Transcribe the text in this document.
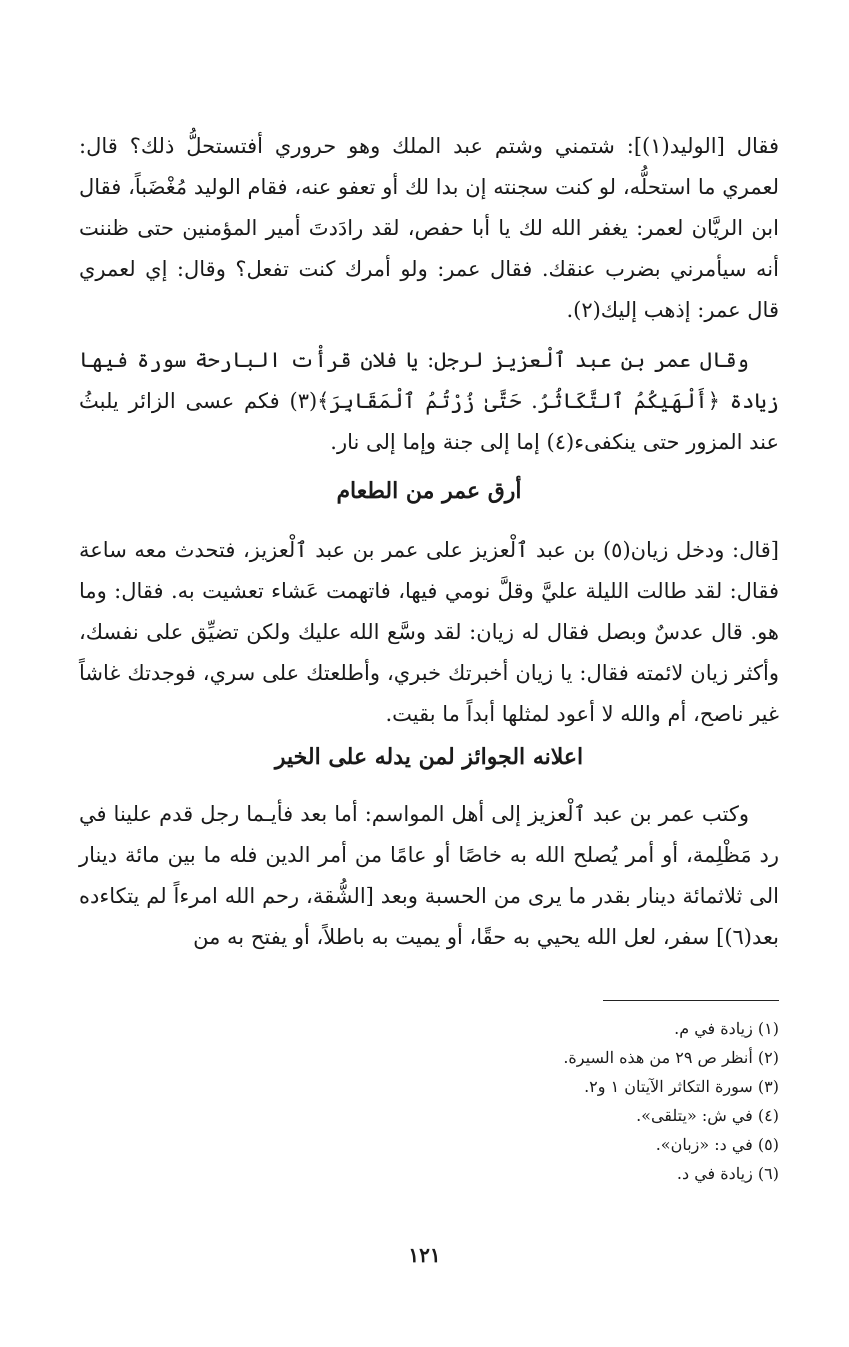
فقال [الوليد(١)]: شتمني وشتم عبد الملك وهو حروري أفتستحلُّ ذلك؟ قال: لعمري ما استحلُّه، لو كنت سجنته إن بدا لك أو تعفو عنه، فقام الوليد مُغْضَباً، فقال ابن الريَّان لعمر: يغفر الله لك يا أبا حفص، لقد رادَدتَ أمير المؤمنين حتى ظننت أنه سيأمرني بضرب عنقك. فقال عمر: ولو أمرك كنت تفعل؟ وقال: إي لعمري قال عمر: إذهب إليك(٢).

وقال عمر بن عبد ٱلْعزيز لرجل: يا فلان قرأْت البارحة سورة فيها زيادة ﴿أَلْهَيٰكُمُ ٱلتَّكَاثُرُ. حَتَّىٰ زُرْتُمُ ٱلْمَقَابِرَ﴾(٣) فكم عسى الزائر يلبثُ عند المزور حتى ينكفىء(٤) إما إلى جنة وإما إلى نار.

أرق عمر من الطعام

[قال: ودخل زيان(٥) بن عبد ٱلْعزيز على عمر بن عبد ٱلْعزيز، فتحدث معه ساعة فقال: لقد طالت الليلة عليَّ وقلَّ نومي فيها، فاتهمت عَشاء تعشيت به. فقال: وما هو. قال عدسٌ وبصل فقال له زيان: لقد وسَّع الله عليك ولكن تضيِّق على نفسك، وأكثر زيان لائمته فقال: يا زيان أخبرتك خبري، وأطلعتك على سري، فوجدتك غاشاً غير ناصح، أم والله لا أعود لمثلها أبداً ما بقيت.

اعلانه الجوائز لمن يدله على الخير

وكتب عمر بن عبد ٱلْعزيز إلى أهل المواسم: أما بعد فأيـما رجل قدم علينا في رد مَظْلِمة، أو أمر يُصلح الله به خاصًا أو عامًا من أمر الدين فله ما بين مائة دينار الى ثلاثمائة دينار بقدر ما يرى من الحسبة وبعد [الشُّقة، رحم الله امرءاً لم يتكاءده بعد(٦)] سفر، لعل الله يحيي به حقًا، أو يميت به باطلاً، أو يفتح به من

(١) زيادة في م.

(٢) أنظر ص ٢٩ من هذه السيرة.

(٣) سورة التكاثر الآيتان ١ و٢.

(٤) في ش: «يتلقى».

(٥) في د: «زبان».

(٦) زيادة في د.

١٢١
